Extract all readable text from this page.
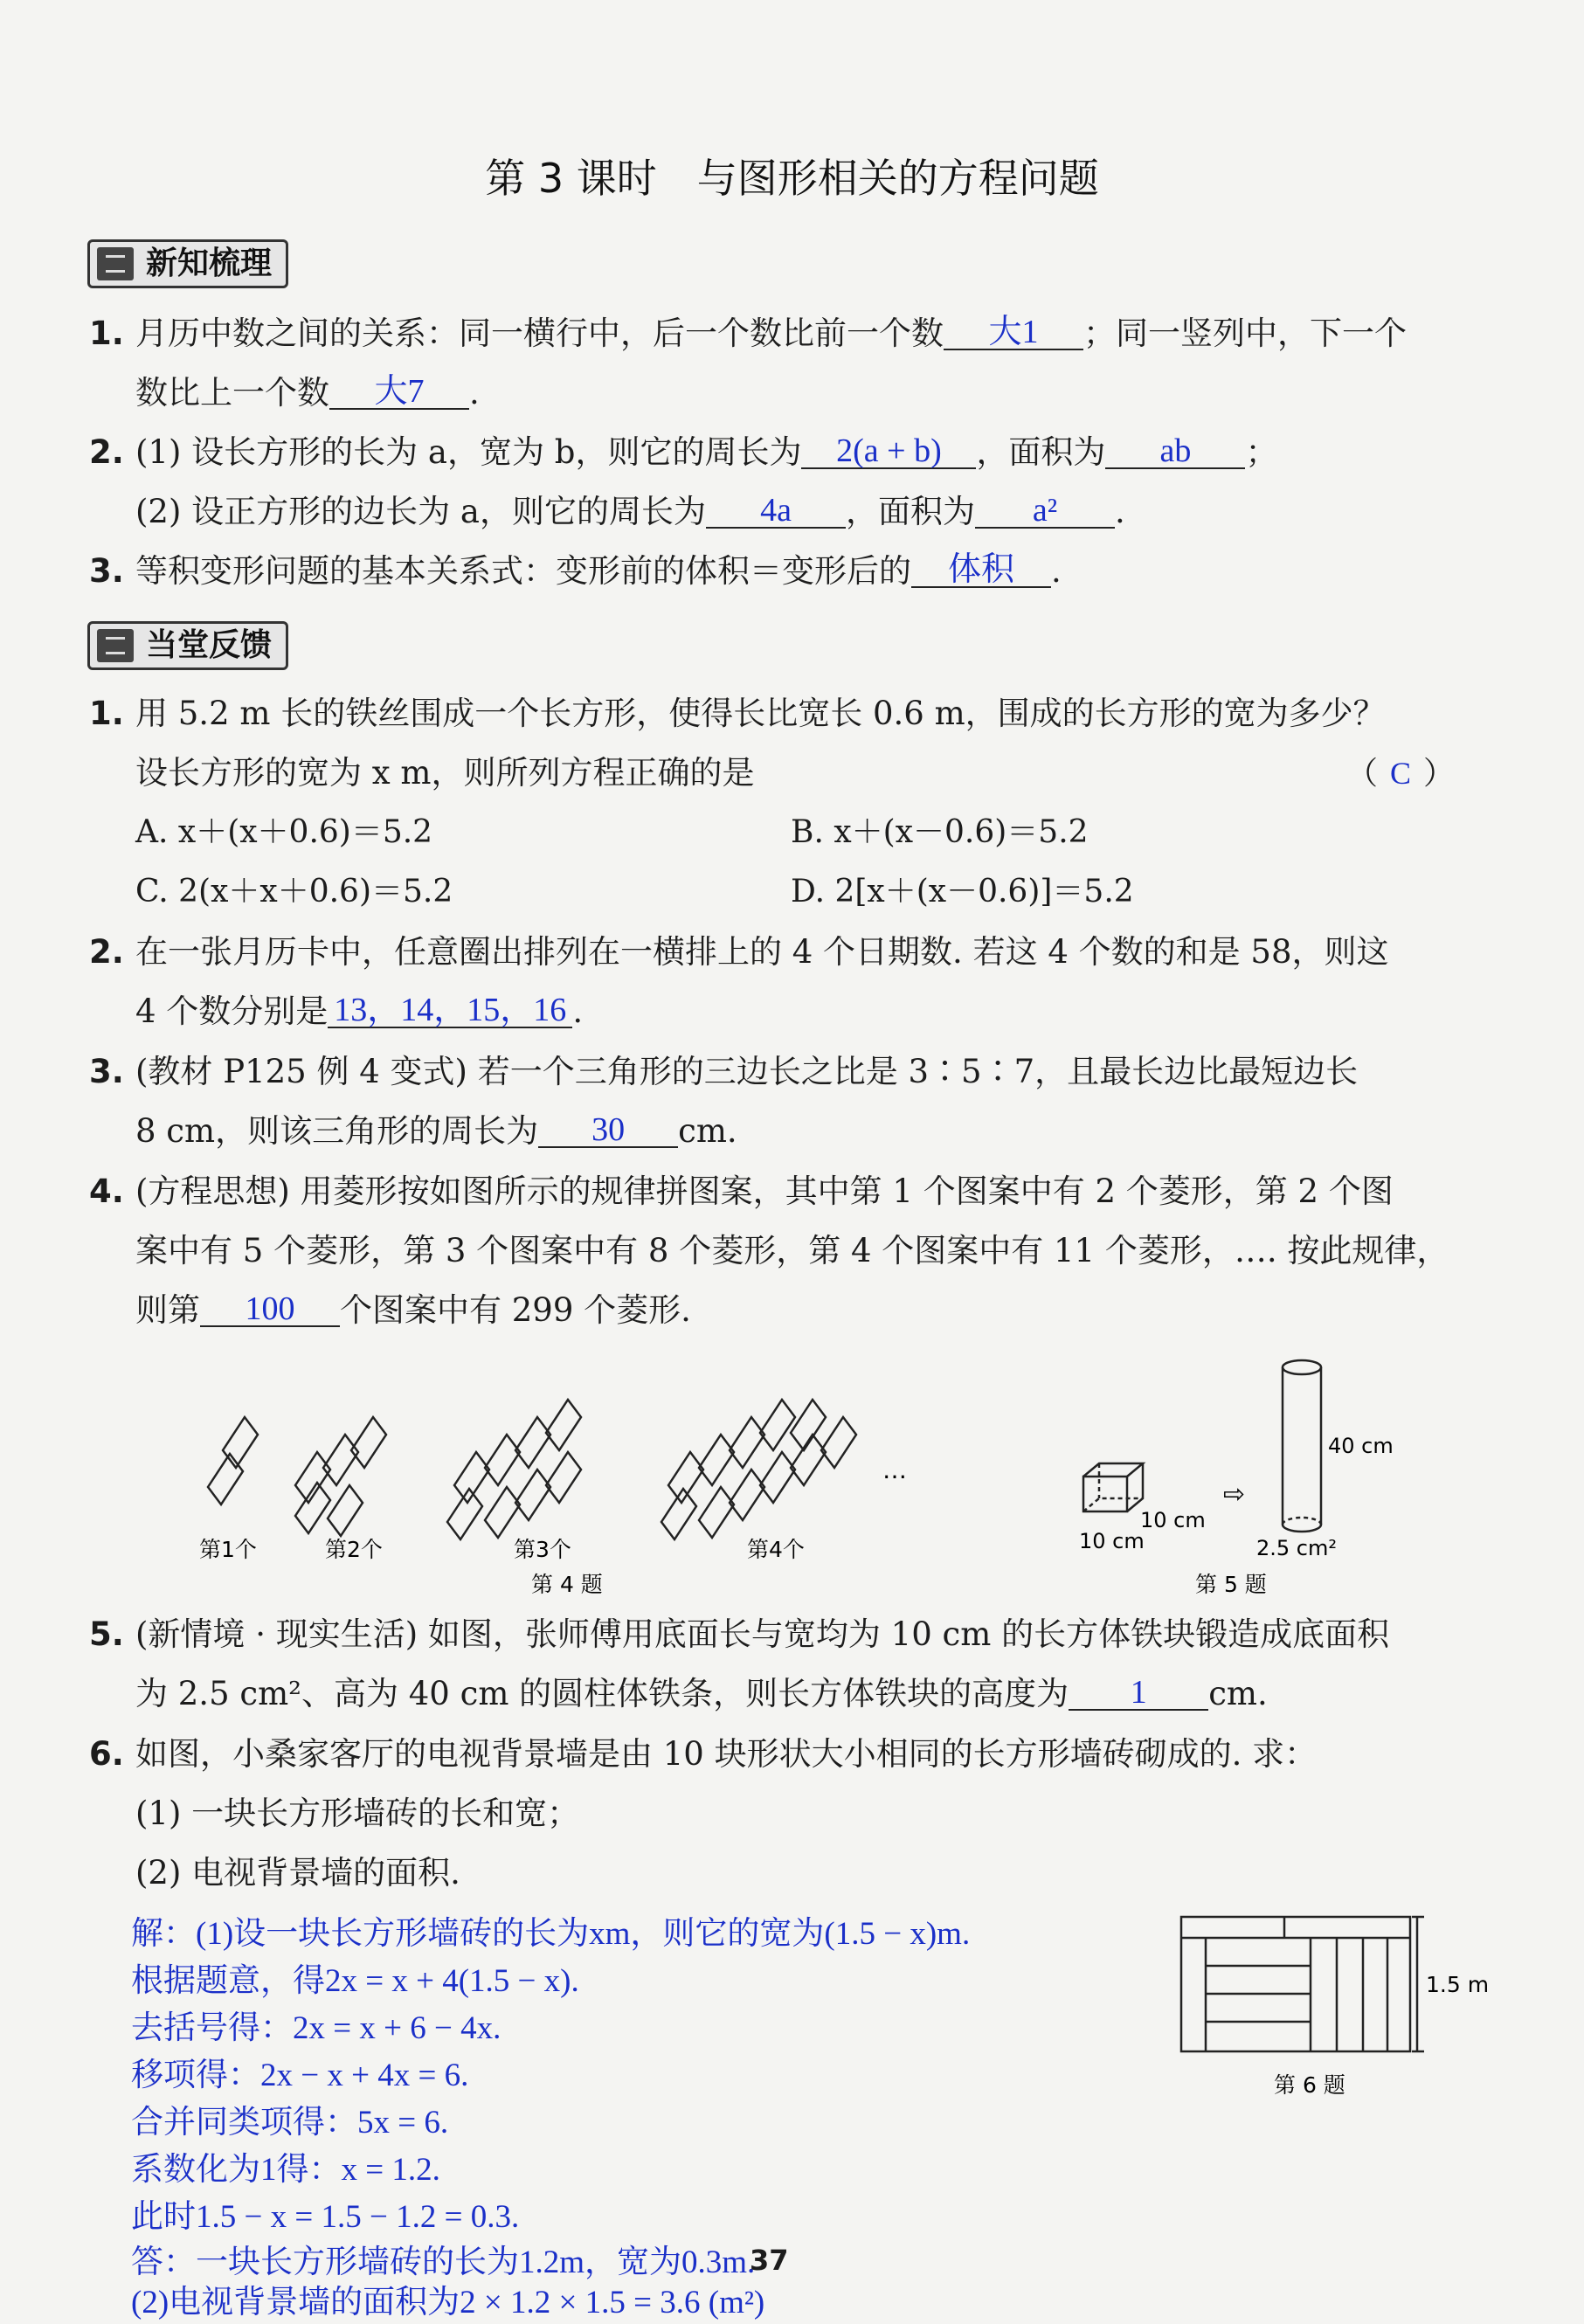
第 3 课时　与图形相关的方程问题
新知梳理
1. 月历中数之间的关系：同一横行中，后一个数比前一个数 大1 ；同一竖列中，下一个
数比上一个数 大7 .
2. (1) 设长方形的长为 a，宽为 b，则它的周长为 2(a + b) ，面积为 ab ；
(2) 设正方形的边长为 a，则它的周长为 4a ，面积为 a² .
3. 等积变形问题的基本关系式：变形前的体积＝变形后的 体积 .
当堂反馈
1. 用 5.2 m 长的铁丝围成一个长方形，使得长比宽长 0.6 m，围成的长方形的宽为多少？
设长方形的宽为 x m，则所列方程正确的是	（ C ）
A. x＋(x＋0.6)＝5.2	B. x＋(x－0.6)＝5.2
C. 2(x＋x＋0.6)＝5.2	D. 2[x＋(x－0.6)]＝5.2
2. 在一张月历卡中，任意圈出排列在一横排上的 4 个日期数. 若这 4 个数的和是 58，则这
4 个数分别是 13，14，15，16 .
3. (教材 P125 例 4 变式) 若一个三角形的三边长之比是 3∶5∶7，且最长边比最短边长
8 cm，则该三角形的周长为 30 cm.
4. (方程思想) 用菱形按如图所示的规律拼图案，其中第 1 个图案中有 2 个菱形，第 2 个图
案中有 5 个菱形，第 3 个图案中有 8 个菱形，第 4 个图案中有 11 个菱形，…. 按此规律，
则第 100 个图案中有 299 个菱形.
…
第1个	第2个	第3个	第4个
第 4 题
⇨
40 cm
10 cm
10 cm	2.5 cm²
第 5 题
5. (新情境 · 现实生活) 如图，张师傅用底面长与宽均为 10 cm 的长方体铁块锻造成底面积
为 2.5 cm²、高为 40 cm 的圆柱体铁条，则长方体铁块的高度为 1 cm.
6. 如图，小桑家客厅的电视背景墙是由 10 块形状大小相同的长方形墙砖砌成的. 求：
(1) 一块长方形墙砖的长和宽；
(2) 电视背景墙的面积.
1.5 m
第 6 题
解：(1)设一块长方形墙砖的长为xm，则它的宽为(1.5 − x)m.
根据题意，得2x = x + 4(1.5 − x).
去括号得：2x = x + 6 − 4x.
移项得：2x − x + 4x = 6.
合并同类项得：5x = 6.
系数化为1得：x = 1.2.
此时1.5 − x = 1.5 − 1.2 = 0.3.
答：一块长方形墙砖的长为1.2m，宽为0.3m.
(2)电视背景墙的面积为2 × 1.2 × 1.5 = 3.6 (m²)
37
